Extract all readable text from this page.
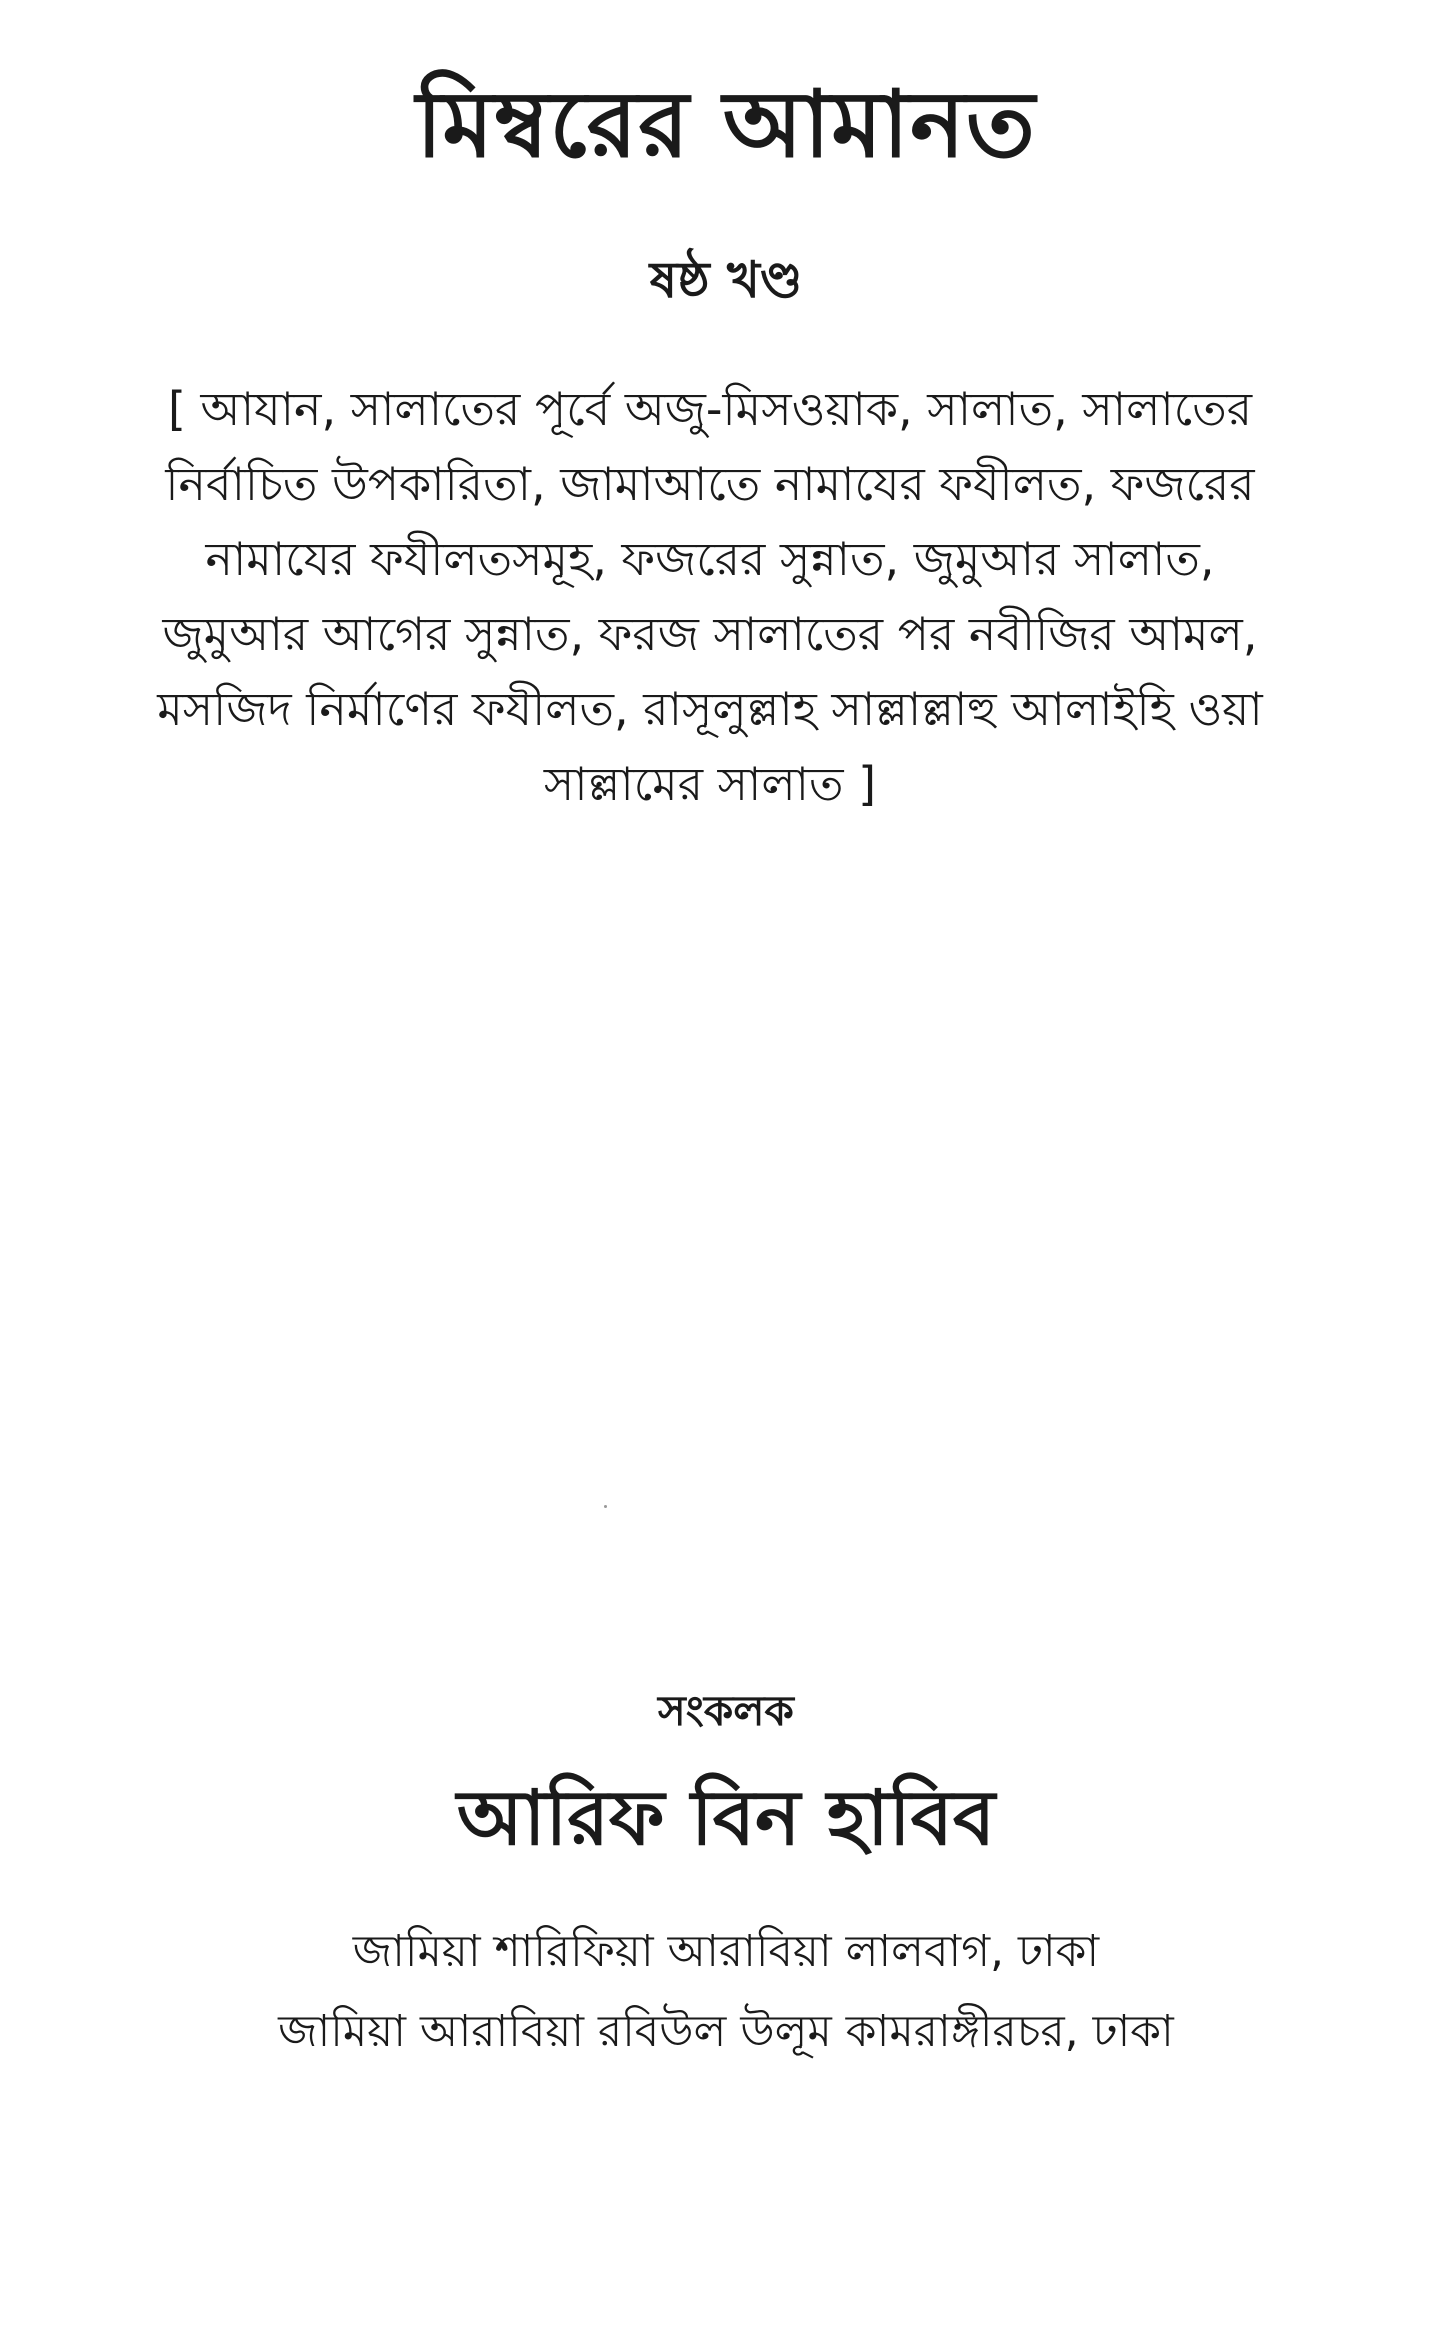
মিম্বরের আমানত
ষষ্ঠ খণ্ড
[ আযান, সালাতের পূর্বে অজু-মিসওয়াক, সালাত, সালাতের
নির্বাচিত উপকারিতা, জামাআতে নামাযের ফযীলত, ফজরের
নামাযের ফযীলতসমূহ, ফজরের সুন্নাত, জুমুআর সালাত,
জুমুআর আগের সুন্নাত, ফরজ সালাতের পর নবীজির আমল,
মসজিদ নির্মাণের ফযীলত, রাসূলুল্লাহ সাল্লাল্লাহু আলাইহি ওয়া
সাল্লামের সালাত ]
সংকলক
আরিফ বিন হাবিব
জামিয়া শারিফিয়া আরাবিয়া লালবাগ, ঢাকা
জামিয়া আরাবিয়া রবিউল উলূম কামরাঙ্গীরচর, ঢাকা
